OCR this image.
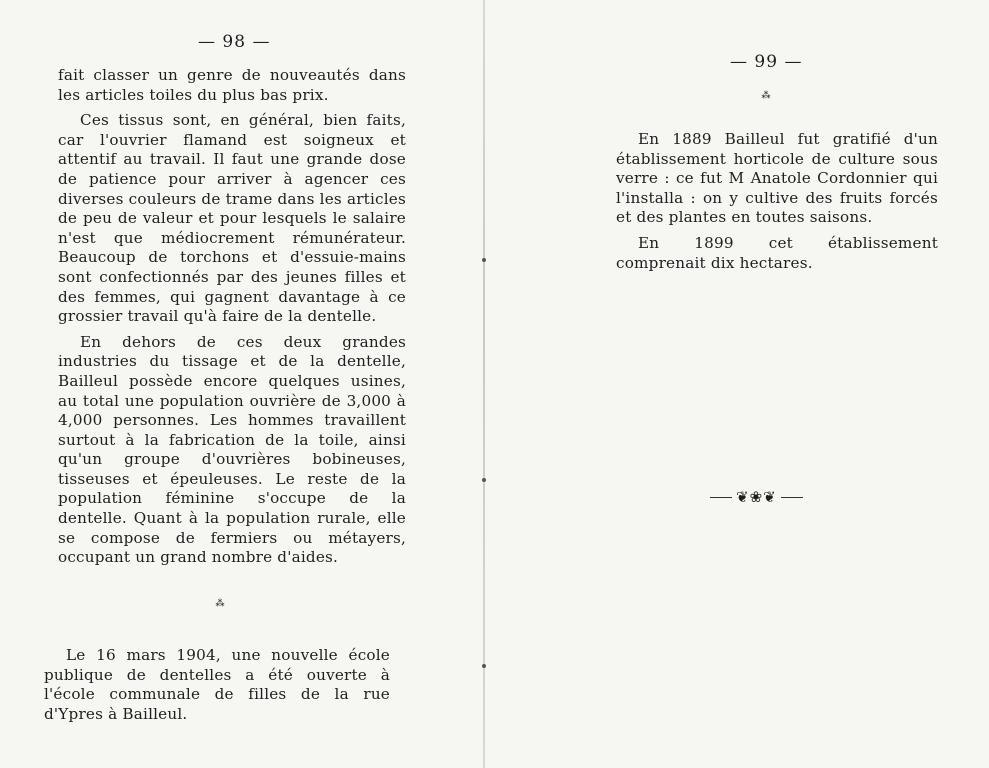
— 98 —

fait classer un genre de nouveautés dans les articles toiles du plus bas prix.

Ces tissus sont, en général, bien faits, car l'ouvrier flamand est soigneux et attentif au travail. Il faut une grande dose de patience pour arriver à agencer ces diverses couleurs de trame dans les articles de peu de valeur et pour lesquels le salaire n'est que médiocrement rémunérateur. Beaucoup de torchons et d'essuie-mains sont confectionnés par des jeunes filles et des femmes, qui gagnent davantage à ce grossier travail qu'à faire de la dentelle.

En dehors de ces deux grandes industries du tissage et de la dentelle, Bailleul possède encore quelques usines, au total une population ouvrière de 3,000 à 4,000 personnes. Les hommes travaillent surtout à la fabrication de la toile, ainsi qu'un groupe d'ouvrières bobineuses, tisseuses et épeuleuses. Le reste de la population féminine s'occupe de la dentelle. Quant à la population rurale, elle se compose de fermiers ou métayers, occupant un grand nombre d'aides.

⁂

Le 16 mars 1904, une nouvelle école publique de dentelles a été ouverte à l'école communale de filles de la rue d'Ypres à Bailleul.

— 99 —
⁂

En 1889 Bailleul fut gratifié d'un établissement horticole de culture sous verre : ce fut M Anatole Cordonnier qui l'installa : on y cultive des fruits forcés et des plantes en toutes saisons.

En 1899 cet établissement comprenait dix hectares.

❦❀❦
